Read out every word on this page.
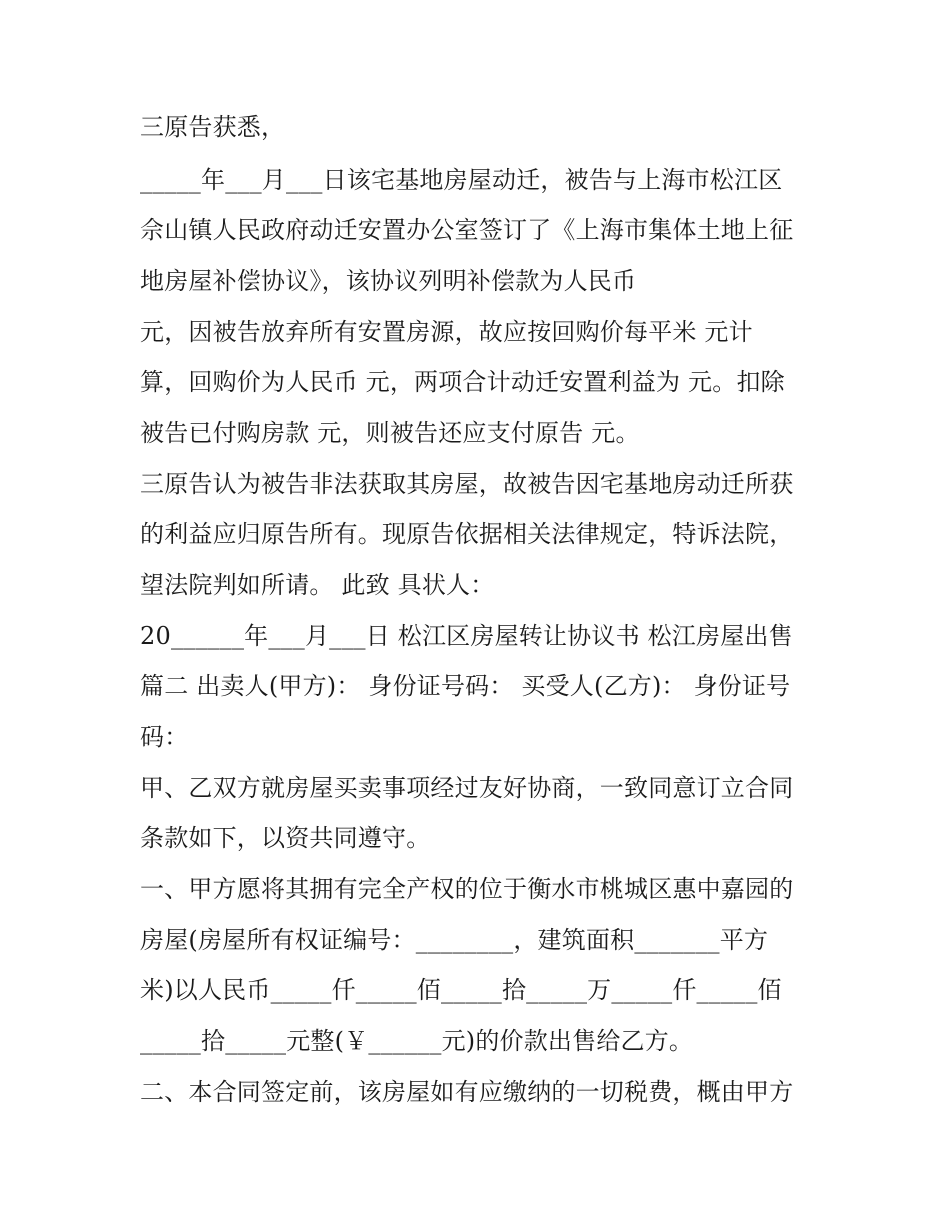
三原告获悉，

_____年___月___日该宅基地房屋动迁，被告与上海市松江区

佘山镇人民政府动迁安置办公室签订了《上海市集体土地上征

地房屋补偿协议》，该协议列明补偿款为人民币

元，因被告放弃所有安置房源，故应按回购价每平米 元计

算，回购价为人民币 元，两项合计动迁安置利益为 元。扣除

被告已付购房款 元，则被告还应支付原告 元。

三原告认为被告非法获取其房屋，故被告因宅基地房动迁所获

的利益应归原告所有。现原告依据相关法律规定，特诉法院，

望法院判如所请。 此致 具状人：

20______年___月___日 松江区房屋转让协议书 松江房屋出售

篇二 出卖人(甲方)： 身份证号码： 买受人(乙方)： 身份证号

码：

甲、乙双方就房屋买卖事项经过友好协商，一致同意订立合同

条款如下，以资共同遵守。

一、甲方愿将其拥有完全产权的位于衡水市桃城区惠中嘉园的

房屋(房屋所有权证编号：________，建筑面积_______平方

米)以人民币_____仟_____佰_____拾_____万_____仟_____佰

_____拾_____元整(￥______元)的价款出售给乙方。

二、本合同签定前，该房屋如有应缴纳的一切税费，概由甲方
